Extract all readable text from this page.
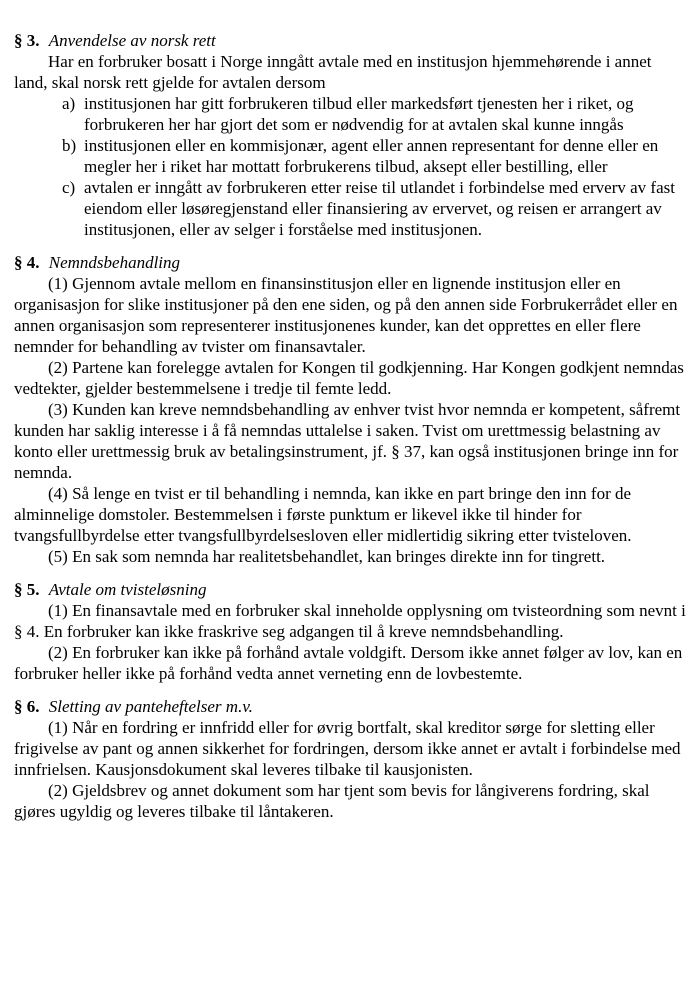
§ 3. Anvendelse av norsk rett

Har en forbruker bosatt i Norge inngått avtale med en institusjon hjemmehørende i annet land, skal norsk rett gjelde for avtalen dersom

a) institusjonen har gitt forbrukeren tilbud eller markedsført tjenesten her i riket, og forbrukeren her har gjort det som er nødvendig for at avtalen skal kunne inngås
b) institusjonen eller en kommisjonær, agent eller annen representant for denne eller en megler her i riket har mottatt forbrukerens tilbud, aksept eller bestilling, eller
c) avtalen er inngått av forbrukeren etter reise til utlandet i forbindelse med erverv av fast eiendom eller løsøregjenstand eller finansiering av ervervet, og reisen er arrangert av institusjonen, eller av selger i forståelse med institusjonen.
§ 4. Nemndsbehandling

(1) Gjennom avtale mellom en finansinstitusjon eller en lignende institusjon eller en organisasjon for slike institusjoner på den ene siden, og på den annen side Forbrukerrådet eller en annen organisasjon som representerer institusjonenes kunder, kan det opprettes en eller flere nemnder for behandling av tvister om finansavtaler.

(2) Partene kan forelegge avtalen for Kongen til godkjenning. Har Kongen godkjent nemndas vedtekter, gjelder bestemmelsene i tredje til femte ledd.

(3) Kunden kan kreve nemndsbehandling av enhver tvist hvor nemnda er kompetent, såfremt kunden har saklig interesse i å få nemndas uttalelse i saken. Tvist om urettmessig belastning av konto eller urettmessig bruk av betalingsinstrument, jf. § 37, kan også institusjonen bringe inn for nemnda.

(4) Så lenge en tvist er til behandling i nemnda, kan ikke en part bringe den inn for de alminnelige domstoler. Bestemmelsen i første punktum er likevel ikke til hinder for tvangsfullbyrdelse etter tvangsfullbyrdelsesloven eller midlertidig sikring etter tvisteloven.

(5) En sak som nemnda har realitetsbehandlet, kan bringes direkte inn for tingrett.

§ 5. Avtale om tvisteløsning

(1) En finansavtale med en forbruker skal inneholde opplysning om tvisteordning som nevnt i § 4. En forbruker kan ikke fraskrive seg adgangen til å kreve nemndsbehandling.

(2) En forbruker kan ikke på forhånd avtale voldgift. Dersom ikke annet følger av lov, kan en forbruker heller ikke på forhånd vedta annet verneting enn de lovbestemte.

§ 6. Sletting av panteheftelser m.v.

(1) Når en fordring er innfridd eller for øvrig bortfalt, skal kreditor sørge for sletting eller frigivelse av pant og annen sikkerhet for fordringen, dersom ikke annet er avtalt i forbindelse med innfrielsen. Kausjonsdokument skal leveres tilbake til kausjonisten.

(2) Gjeldsbrev og annet dokument som har tjent som bevis for långiverens fordring, skal gjøres ugyldig og leveres tilbake til låntakeren.
